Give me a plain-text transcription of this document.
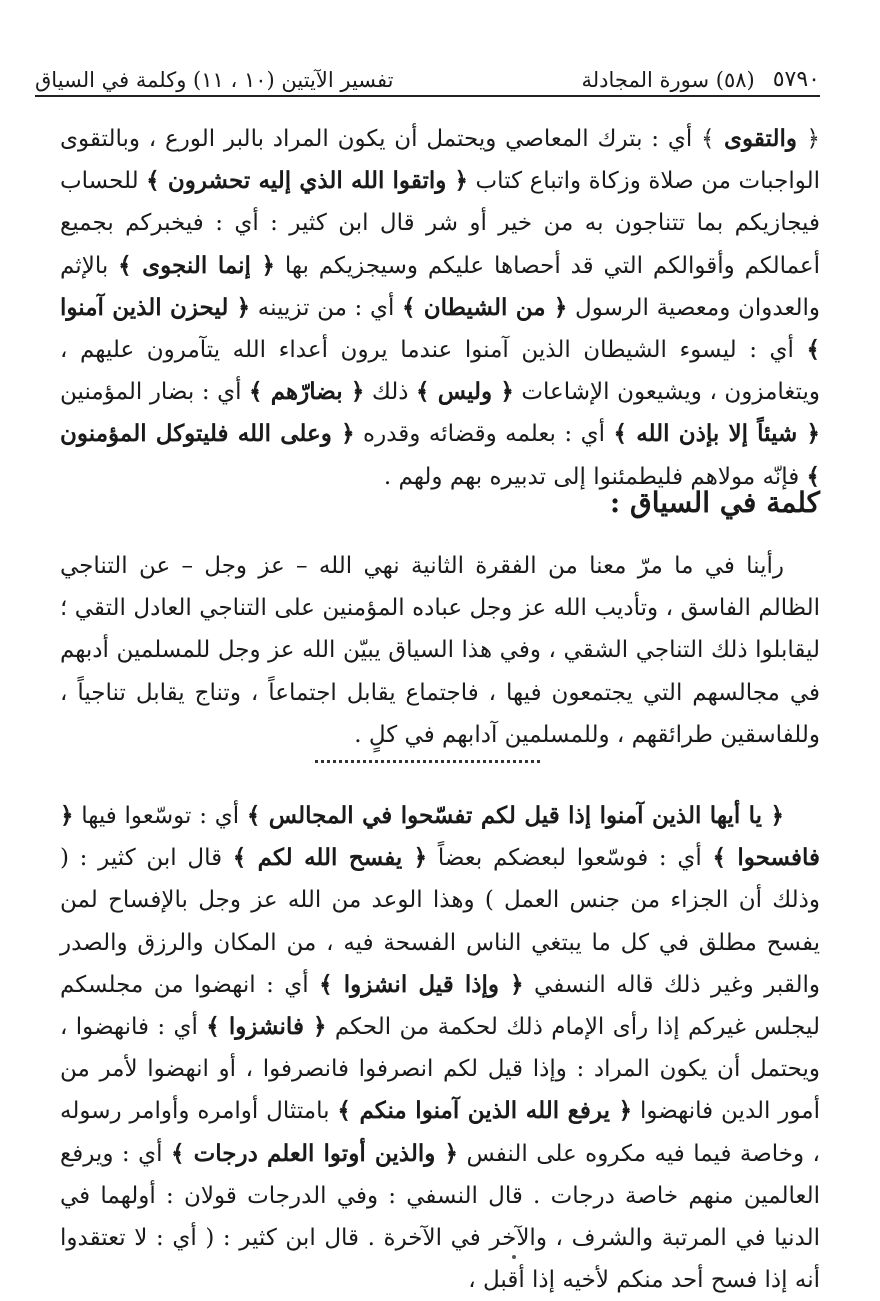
٥٧٩٠
(٥٨) سورة المجادلة
تفسير الآيتين (١٠ ، ١١) وكلمة في السياق
﴿ والتقوى ﴾ أي : بترك المعاصي ويحتمل أن يكون المراد بالبر الورع ، وبالتقوى الواجبات من صلاة وزكاة واتباع كتاب ﴿ واتقوا الله الذي إليه تحشرون ﴾ للحساب فيجازيكم بما تتناجون به من خير أو شر قال ابن كثير : أي : فيخبركم بجميع أعمالكم وأقوالكم التي قد أحصاها عليكم وسيجزيكم بها ﴿ إنما النجوى ﴾ بالإثم والعدوان ومعصية الرسول ﴿ من الشيطان ﴾ أي : من تزيينه ﴿ ليحزن الذين آمنوا ﴾ أي : ليسوء الشيطان الذين آمنوا عندما يرون أعداء الله يتآمرون عليهم ، ويتغامزون ، ويشيعون الإشاعات ﴿ وليس ﴾ ذلك ﴿ بضارّهم ﴾ أي : بضار المؤمنين ﴿ شيئاً إلا بإذن الله ﴾ أي : بعلمه وقضائه وقدره ﴿ وعلى الله فليتوكل المؤمنون ﴾ فإنّه مولاهم فليطمئنوا إلى تدبيره بهم ولهم .
كلمة في السياق :
رأينا في ما مرّ معنا من الفقرة الثانية نهي الله – عز وجل – عن التناجي الظالم الفاسق ، وتأديب الله عز وجل عباده المؤمنين على التناجي العادل التقي ؛ ليقابلوا ذلك التناجي الشقي ، وفي هذا السياق يبيّن الله عز وجل للمسلمين أدبهم في مجالسهم التي يجتمعون فيها ، فاجتماع يقابل اجتماعاً ، وتناج يقابل تناجياً ، وللفاسقين طرائقهم ، وللمسلمين آدابهم في كلٍ .
﴿ يا أيها الذين آمنوا إذا قيل لكم تفسّحوا في المجالس ﴾ أي : توسّعوا فيها ﴿ فافسحوا ﴾ أي : فوسّعوا لبعضكم بعضاً ﴿ يفسح الله لكم ﴾ قال ابن كثير : ( وذلك أن الجزاء من جنس العمل ) وهذا الوعد من الله عز وجل بالإفساح لمن يفسح مطلق في كل ما يبتغي الناس الفسحة فيه ، من المكان والرزق والصدر والقبر وغير ذلك قاله النسفي ﴿ وإذا قيل انشزوا ﴾ أي : انهضوا من مجلسكم ليجلس غيركم إذا رأى الإمام ذلك لحكمة من الحكم ﴿ فانشزوا ﴾ أي : فانهضوا ، ويحتمل أن يكون المراد : وإذا قيل لكم انصرفوا فانصرفوا ، أو انهضوا لأمر من أمور الدين فانهضوا ﴿ يرفع الله الذين آمنوا منكم ﴾ بامتثال أوامره وأوامر رسوله ، وخاصة فيما فيه مكروه على النفس ﴿ والذين أوتوا العلم درجات ﴾ أي : ويرفع العالمين منهم خاصة درجات . قال النسفي : وفي الدرجات قولان : أولهما في الدنيا في المرتبة والشرف ، والآخر في الآخرة . قال ابن كثير : ( أي : لا تعتقدوا أنه إذا فسح أحد منكم لأخيه إذا أقبل ،
